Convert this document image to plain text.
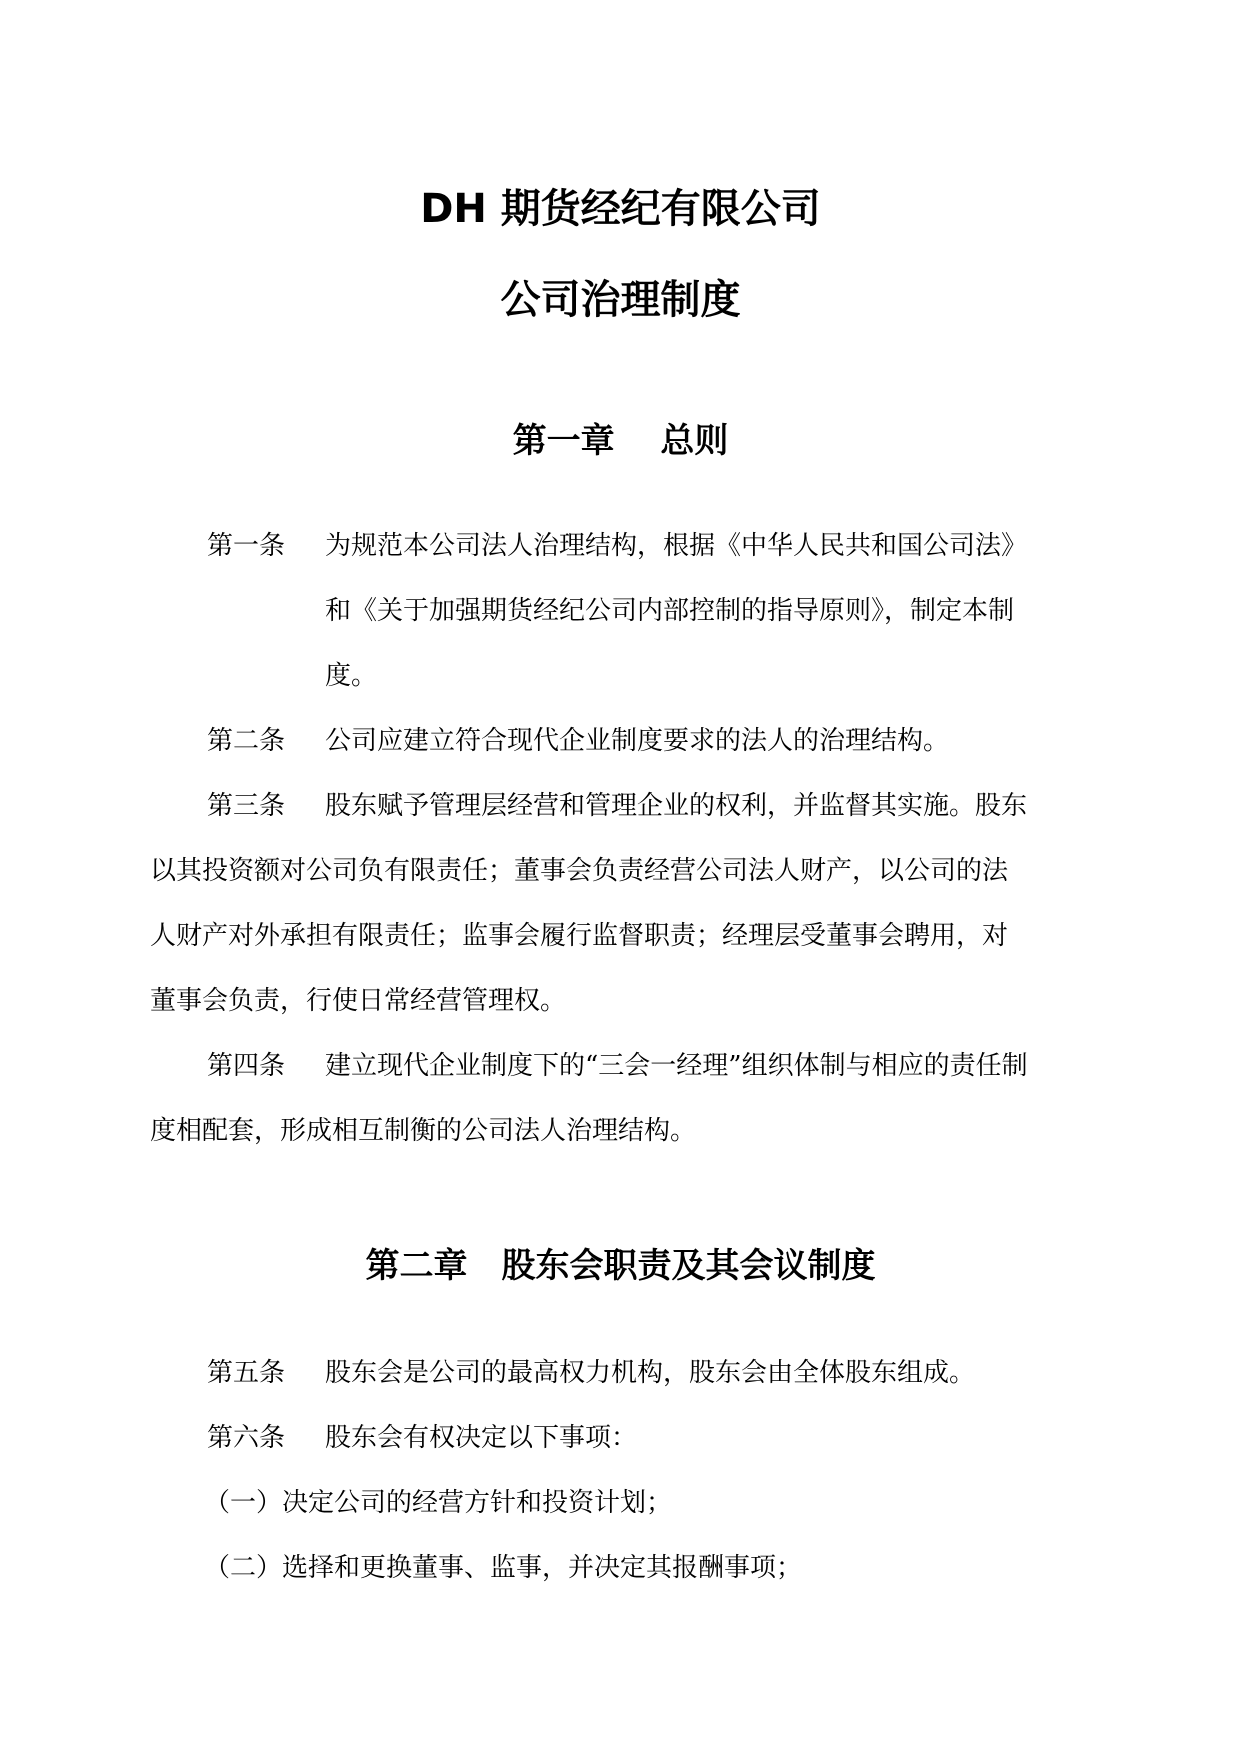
DH 期货经纪有限公司
公司治理制度
第一章　 总则
第一条 为规范本公司法人治理结构，根据《中华人民共和国公司法》
和《关于加强期货经纪公司内部控制的指导原则》，制定本制
度。
第二条 公司应建立符合现代企业制度要求的法人的治理结构。
第三条 股东赋予管理层经营和管理企业的权利，并监督其实施。股东
以其投资额对公司负有限责任；董事会负责经营公司法人财产，以公司的法
人财产对外承担有限责任；监事会履行监督职责；经理层受董事会聘用，对
董事会负责，行使日常经营管理权。
第四条 建立现代企业制度下的“三会一经理”组织体制与相应的责任制
度相配套，形成相互制衡的公司法人治理结构。
第二章　股东会职责及其会议制度
第五条 股东会是公司的最高权力机构，股东会由全体股东组成。
第六条 股东会有权决定以下事项：
（一）决定公司的经营方针和投资计划；
（二）选择和更换董事、监事，并决定其报酬事项；
